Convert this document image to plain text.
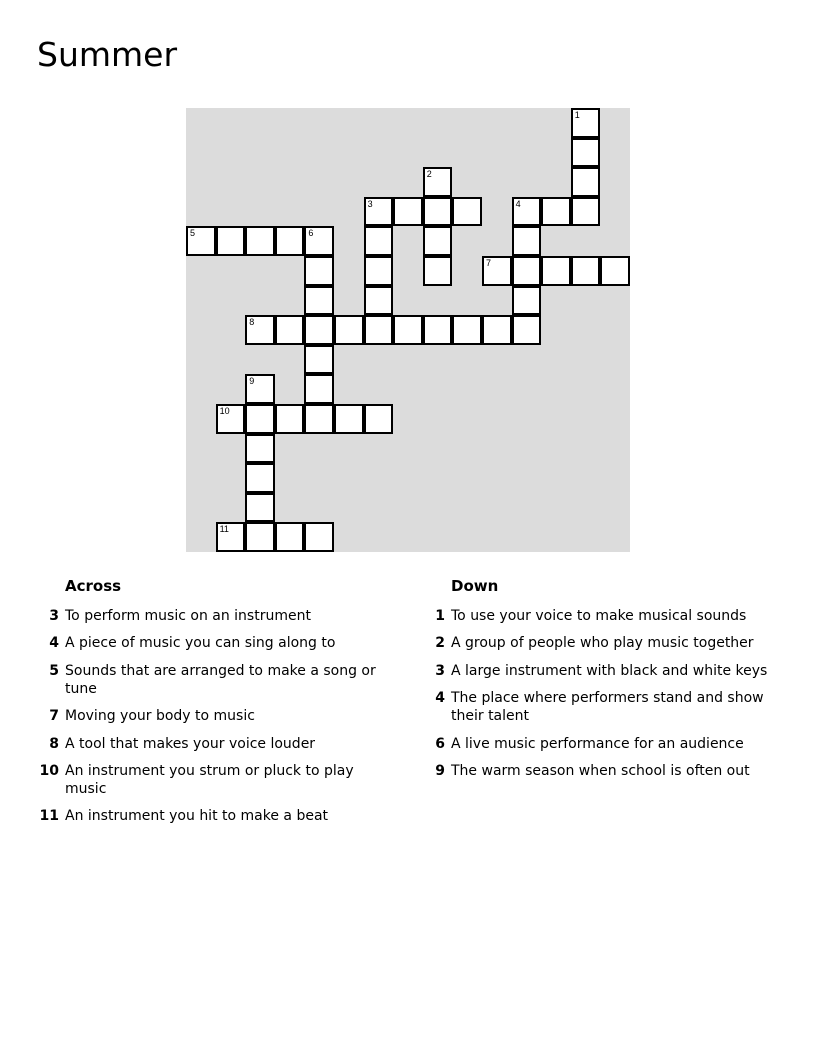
Summer
1
2
3	4
5	6
7
8
9
10
11
Across
3 To perform music on an instrument
4 A piece of music you can sing along to
5 Sounds that are arranged to make a song or tune
7 Moving your body to music
8 A tool that makes your voice louder
10 An instrument you strum or pluck to play music
11 An instrument you hit to make a beat
Down
1 To use your voice to make musical sounds
2 A group of people who play music together
3 A large instrument with black and white keys
4 The place where performers stand and show their talent
6 A live music performance for an audience
9 The warm season when school is often out
